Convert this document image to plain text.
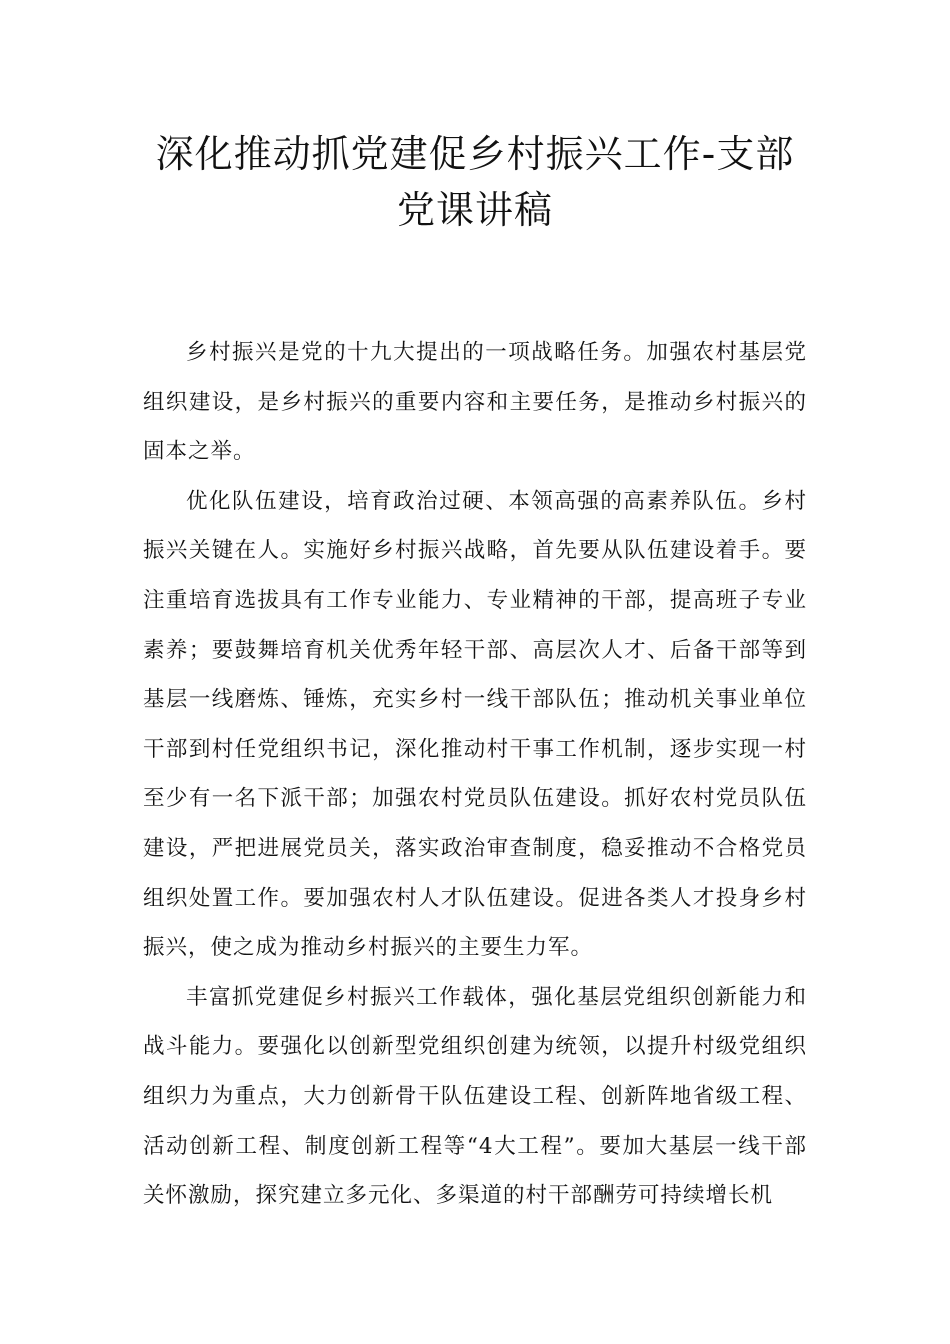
深化推动抓党建促乡村振兴工作-支部
党课讲稿

乡村振兴是党的十九大提出的一项战略任务。加强农村基层党组织建设，是乡村振兴的重要内容和主要任务，是推动乡村振兴的固本之举。

优化队伍建设，培育政治过硬、本领高强的高素养队伍。乡村振兴关键在人。实施好乡村振兴战略，首先要从队伍建设着手。要注重培育选拔具有工作专业能力、专业精神的干部，提高班子专业素养；要鼓舞培育机关优秀年轻干部、高层次人才、后备干部等到基层一线磨炼、锤炼，充实乡村一线干部队伍；推动机关事业单位干部到村任党组织书记，深化推动村干事工作机制，逐步实现一村至少有一名下派干部；加强农村党员队伍建设。抓好农村党员队伍建设，严把进展党员关，落实政治审查制度，稳妥推动不合格党员组织处置工作。要加强农村人才队伍建设。促进各类人才投身乡村振兴，使之成为推动乡村振兴的主要生力军。

丰富抓党建促乡村振兴工作载体，强化基层党组织创新能力和战斗能力。要强化以创新型党组织创建为统领，以提升村级党组织组织力为重点，大力创新骨干队伍建设工程、创新阵地省级工程、活动创新工程、制度创新工程等“4大工程”。要加大基层一线干部关怀激励，探究建立多元化、多渠道的村干部酬劳可持续增长机
